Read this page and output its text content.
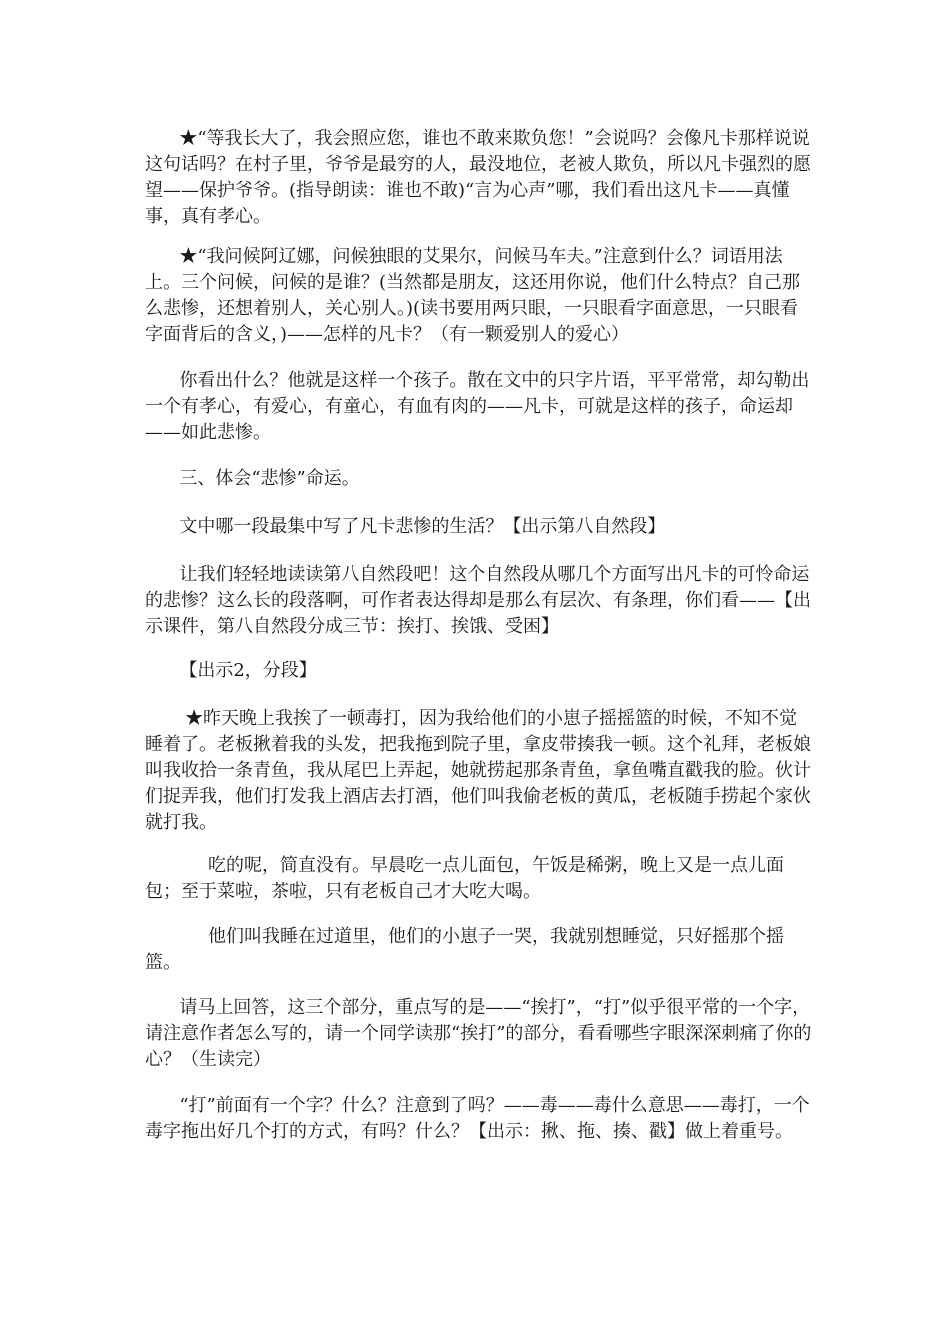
★“等我长大了，我会照应您，谁也不敢来欺负您！”会说吗？会像凡卡那样说说这句话吗？在村子里，爷爷是最穷的人，最没地位，老被人欺负，所以凡卡强烈的愿望——保护爷爷。(指导朗读：谁也不敢)“言为心声”哪，我们看出这凡卡——真懂事，真有孝心。

★“我问候阿辽娜，问候独眼的艾果尔，问候马车夫。”注意到什么？词语用法上。三个问候，问候的是谁？(当然都是朋友，这还用你说，他们什么特点？自己那么悲惨，还想着别人，关心别人。)(读书要用两只眼，一只眼看字面意思，一只眼看字面背后的含义，)——怎样的凡卡？（有一颗爱别人的爱心）

你看出什么？他就是这样一个孩子。散在文中的只字片语，平平常常，却勾勒出一个有孝心，有爱心，有童心，有血有肉的——凡卡，可就是这样的孩子，命运却——如此悲惨。

三、体会“悲惨”命运。

文中哪一段最集中写了凡卡悲惨的生活？【出示第八自然段】

让我们轻轻地读读第八自然段吧！这个自然段从哪几个方面写出凡卡的可怜命运的悲惨？这么长的段落啊，可作者表达得却是那么有层次、有条理，你们看——【出示课件，第八自然段分成三节：挨打、挨饿、受困】

【出示2，分段】

★昨天晚上我挨了一顿毒打，因为我给他们的小崽子摇摇篮的时候，不知不觉睡着了。老板揪着我的头发，把我拖到院子里，拿皮带揍我一顿。这个礼拜，老板娘叫我收拾一条青鱼，我从尾巴上弄起，她就捞起那条青鱼，拿鱼嘴直戳我的脸。伙计们捉弄我，他们打发我上酒店去打酒，他们叫我偷老板的黄瓜，老板随手捞起个家伙就打我。

吃的呢，简直没有。早晨吃一点儿面包，午饭是稀粥，晚上又是一点儿面包；至于菜啦，茶啦，只有老板自己才大吃大喝。

他们叫我睡在过道里，他们的小崽子一哭，我就别想睡觉，只好摇那个摇篮。

请马上回答，这三个部分，重点写的是——“挨打”，“打”似乎很平常的一个字，请注意作者怎么写的，请一个同学读那“挨打”的部分，看看哪些字眼深深刺痛了你的心？（生读完）

“打”前面有一个字？什么？注意到了吗？——毒——毒什么意思——毒打，一个毒字拖出好几个打的方式，有吗？什么？【出示：揪、拖、揍、戳】做上着重号。
